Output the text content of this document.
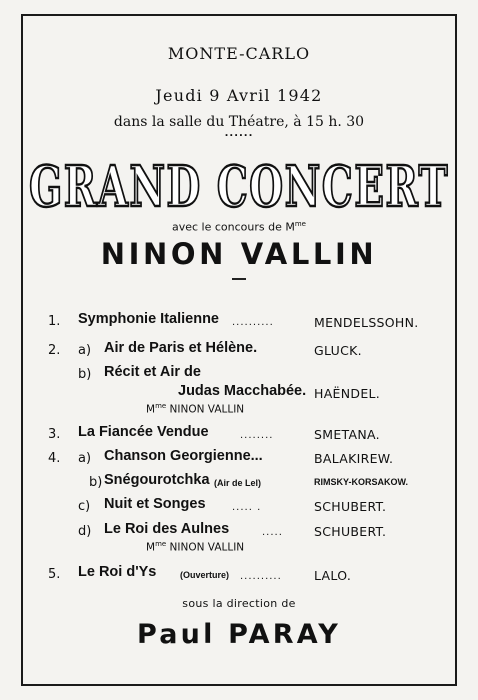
MONTE-CARLO
Jeudi 9 Avril 1942
dans la salle du Théatre, à 15 h. 30
......
GRAND CONCERT
avec le concours de $M^{me}$
NINON VALLIN
1. Symphonie Italienne ..........	MENDELSSOHN.
2. a) Air de Paris et Hélène.	GLUCK.
b) Récit et Air de
Judas Macchabée. HAËNDEL.
$M^{me}$ NINON VALLIN
3. La Fiancée Vendue	........	SMETANA.
4. a) Chanson Georgienne...	BALAKIREW.
b) Snégourotchka (Air de Lel)	RIMSKY-KORSAKOW.
c) Nuit et Songes	..... .	SCHUBERT.
d) Le Roi des Aulnes	..... SCHUBERT.
$M^{me}$ NINON VALLIN
5. Le Roi d'Ys	(Ouverture) ..........	LALO.
sous la direction de
Paul PARAY
